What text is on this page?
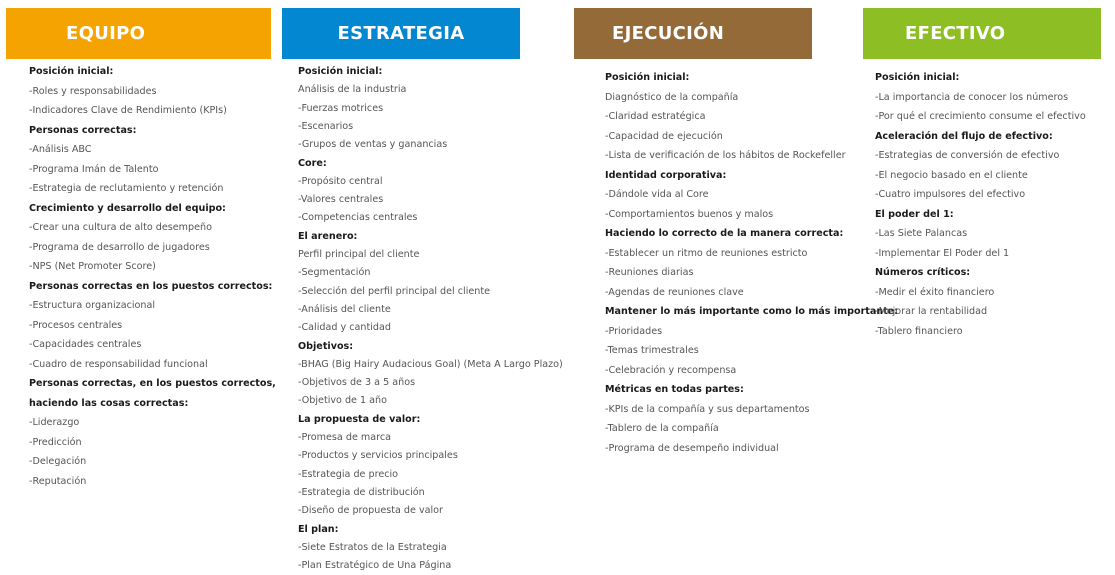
EQUIPO
Posición inicial:
-Roles y responsabilidades
-Indicadores Clave de Rendimiento (KPIs)
Personas correctas:
-Análisis ABC
-Programa Imán de Talento
-Estrategia de reclutamiento y retención
Crecimiento y desarrollo del equipo:
-Crear una cultura de alto desempeño
-Programa de desarrollo de jugadores
-NPS (Net Promoter Score)
Personas correctas en los puestos correctos:
-Estructura organizacional
-Procesos centrales
-Capacidades centrales
-Cuadro de responsabilidad funcional
Personas correctas, en los puestos correctos,
haciendo las cosas correctas:
-Liderazgo
-Predicción
-Delegación
-Reputación
ESTRATEGIA
Posición inicial:
Análisis de la industria
-Fuerzas motrices
-Escenarios
-Grupos de ventas y ganancias
Core:
-Propósito central
-Valores centrales
-Competencias centrales
El arenero:
Perfil principal del cliente
-Segmentación
-Selección del perfil principal del cliente
-Análisis del cliente
-Calidad y cantidad
Objetivos:
-BHAG (Big Hairy Audacious Goal) (Meta A Largo Plazo)
-Objetivos de 3 a 5 años
-Objetivo de 1 año
La propuesta de valor:
-Promesa de marca
-Productos y servicios principales
-Estrategia de precio
-Estrategia de distribución
-Diseño de propuesta de valor
El plan:
-Siete Estratos de la Estrategia
-Plan Estratégico de Una Página
EJECUCIÓN
Posición inicial:
Diagnóstico de la compañía
-Claridad estratégica
-Capacidad de ejecución
-Lista de verificación de los hábitos de Rockefeller
Identidad corporativa:
-Dándole vida al Core
-Comportamientos buenos y malos
Haciendo lo correcto de la manera correcta:
-Establecer un ritmo de reuniones estricto
-Reuniones diarias
-Agendas de reuniones clave
Mantener lo más importante como lo más importante:
-Prioridades
-Temas trimestrales
-Celebración y recompensa
Métricas en todas partes:
-KPIs de la compañía y sus departamentos
-Tablero de la compañía
-Programa de desempeño individual
EFECTIVO
Posición inicial:
-La importancia de conocer los números
-Por qué el crecimiento consume el efectivo
Aceleración del flujo de efectivo:
-Estrategias de conversión de efectivo
-El negocio basado en el cliente
-Cuatro impulsores del efectivo
El poder del 1:
-Las Siete Palancas
-Implementar El Poder del 1
Números críticos:
-Medir el éxito financiero
-Mejorar la rentabilidad
-Tablero financiero
